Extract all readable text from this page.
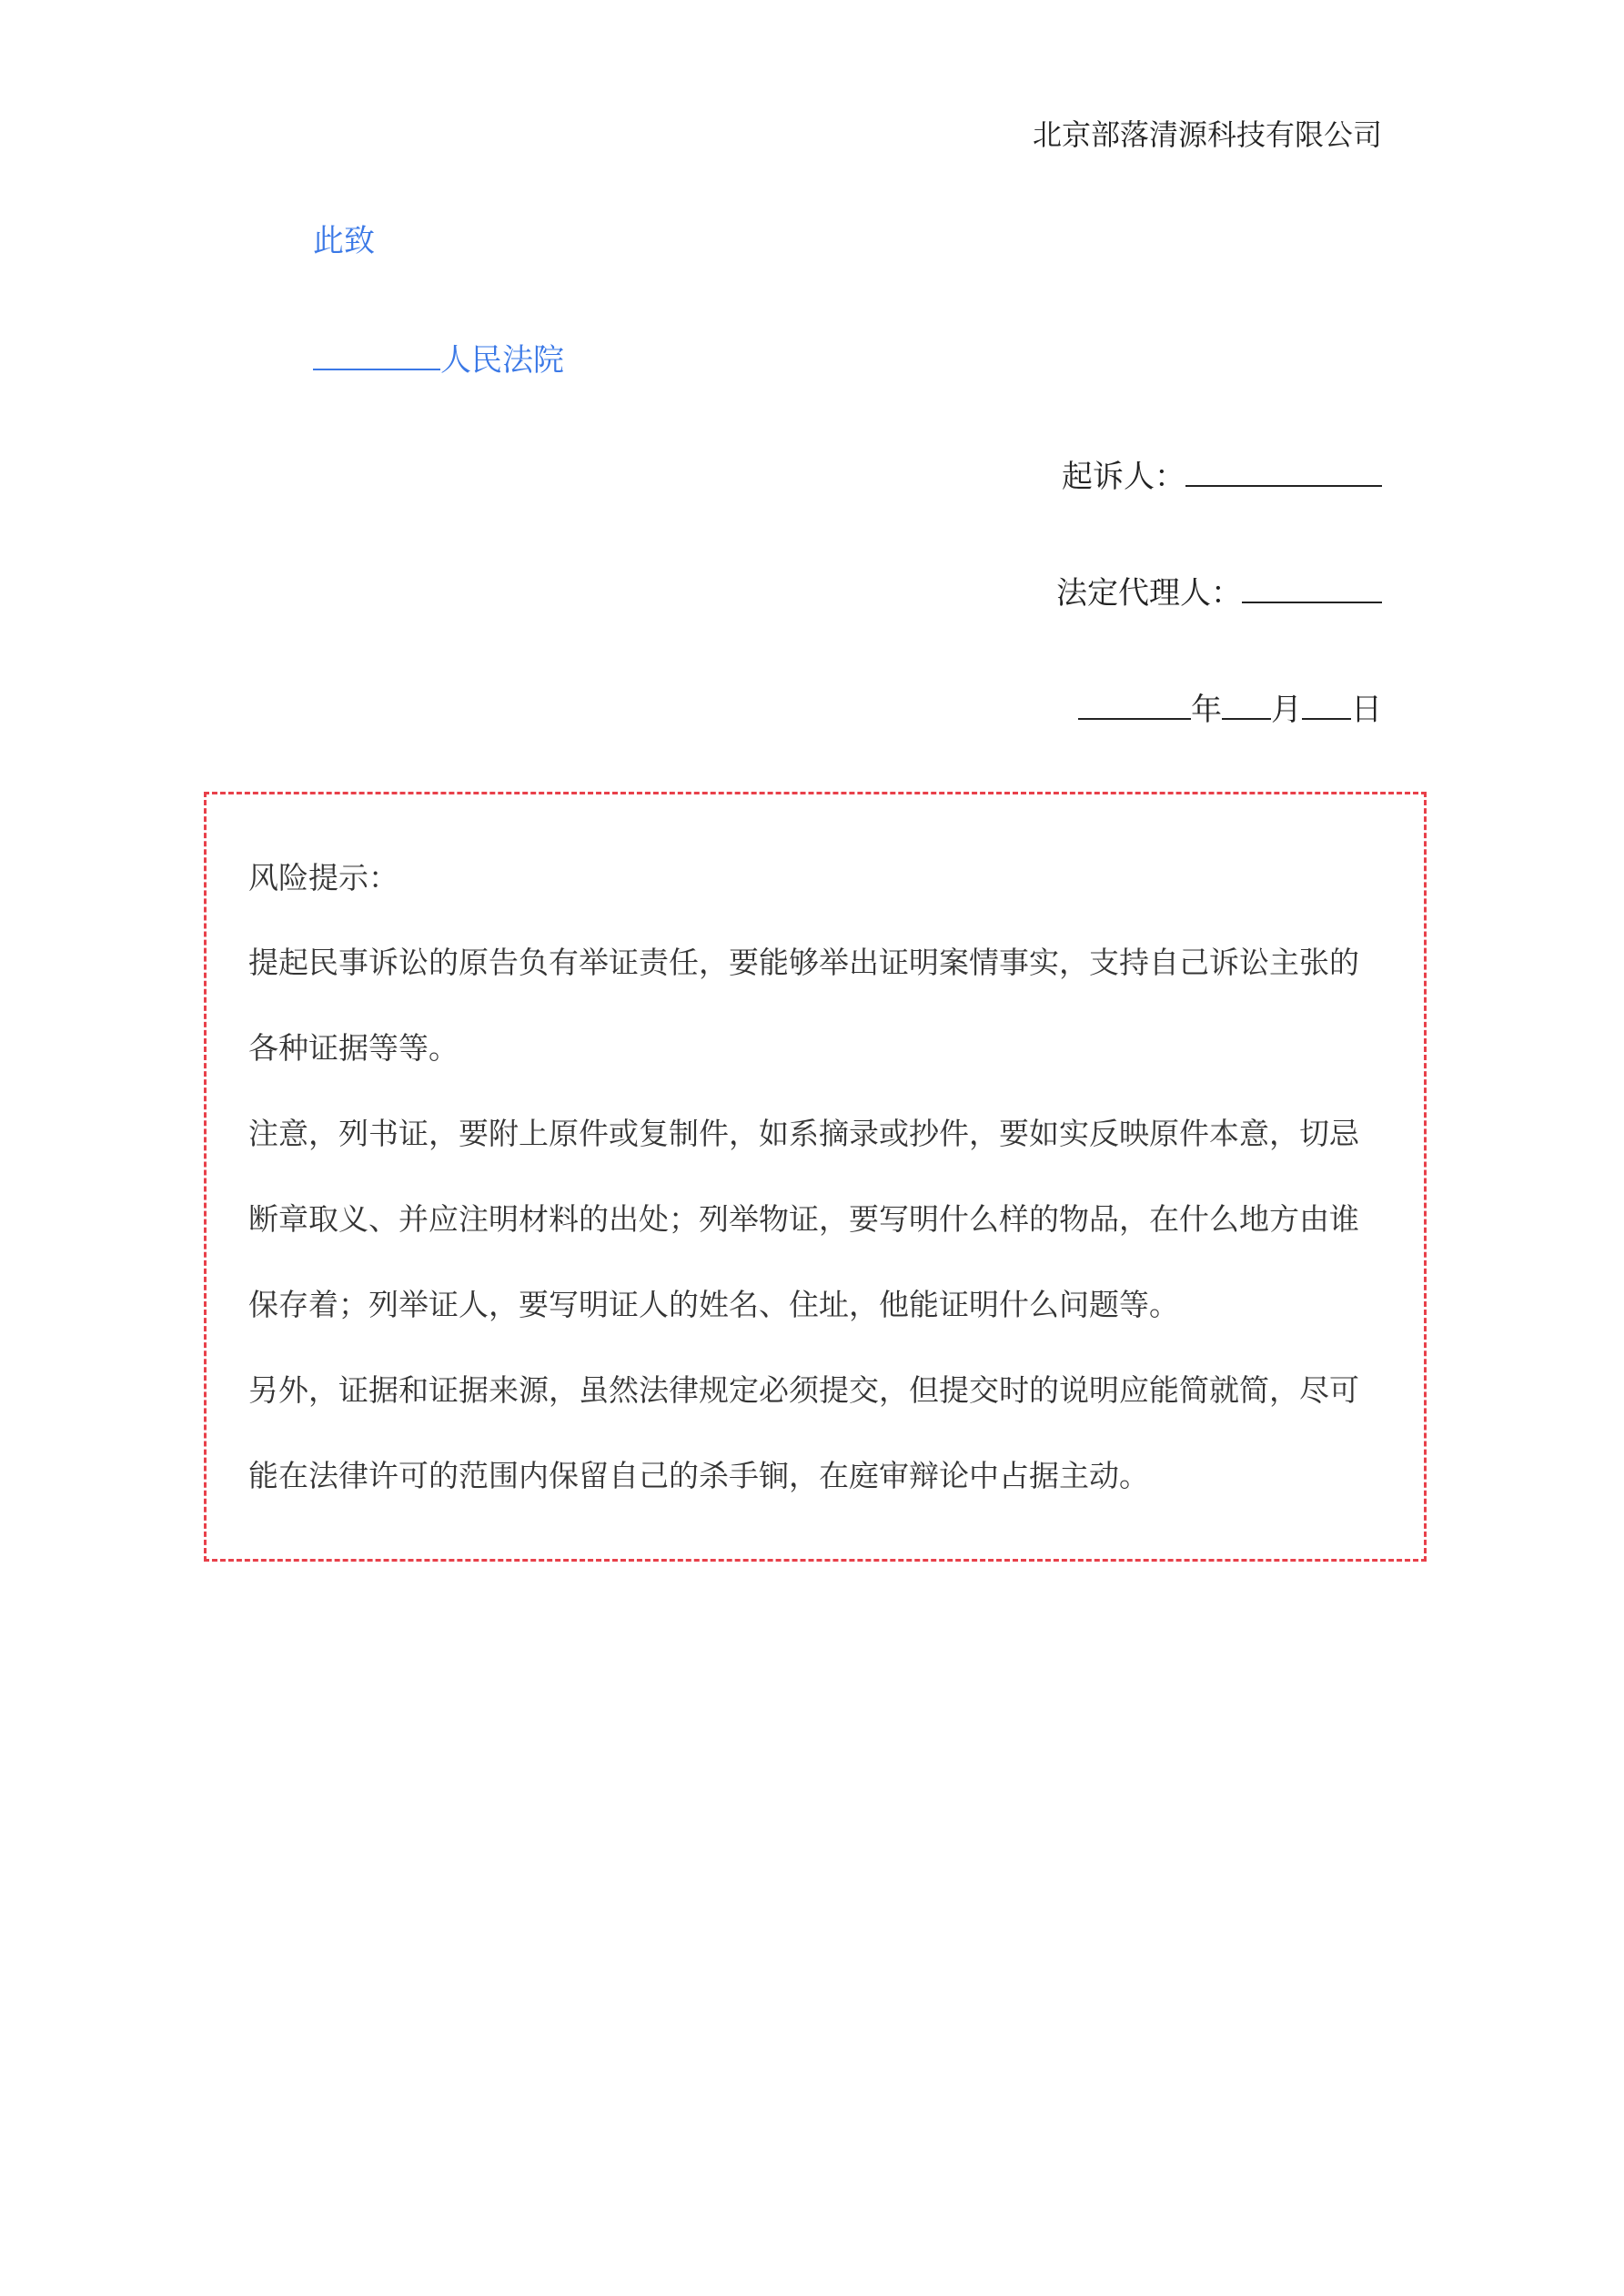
北京部落清源科技有限公司
此致
人民法院
起诉人：
法定代理人：
年 月 日
风险提示：
提起民事诉讼的原告负有举证责任，要能够举出证明案情事实，支持自己诉讼主张的各种证据等等。
注意，列书证，要附上原件或复制件，如系摘录或抄件，要如实反映原件本意，切忌断章取义、并应注明材料的出处；列举物证，要写明什么样的物品，在什么地方由谁保存着；列举证人，要写明证人的姓名、住址，他能证明什么问题等。
另外，证据和证据来源，虽然法律规定必须提交，但提交时的说明应能简就简，尽可能在法律许可的范围内保留自己的杀手锏，在庭审辩论中占据主动。
